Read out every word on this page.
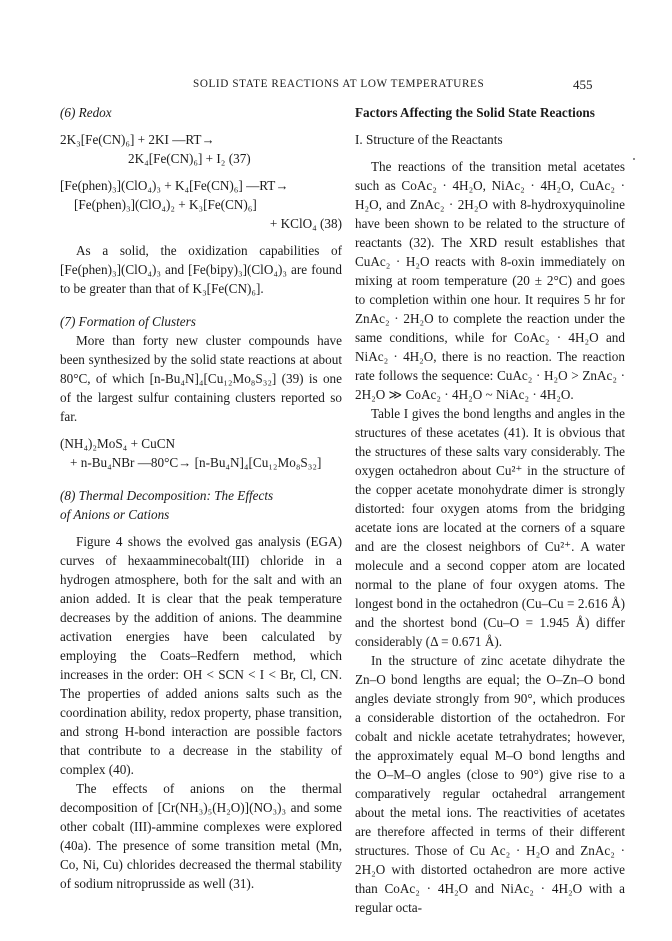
SOLID STATE REACTIONS AT LOW TEMPERATURES	455
(6) Redox
2K₃[Fe(CN)₆] + 2KI —RT→
2K₄[Fe(CN)₆] + I₂ (37)
[Fe(phen)₃](ClO₄)₃ + K₄[Fe(CN)₆] —RT→
[Fe(phen)₃](ClO₄)₂ + K₃[Fe(CN)₆]
+ KClO₄ (38)

As a solid, the oxidization capabilities of [Fe(phen)₃](ClO₄)₃ and [Fe(bipy)₃](ClO₄)₃ are found to be greater than that of K₃[Fe(CN)₆].

(7) Formation of Clusters

More than forty new cluster compounds have been synthesized by the solid state reactions at about 80°C, of which [n-Bu₄N]₄[Cu₁₂Mo₈S₃₂] (39) is one of the largest sulfur containing clusters reported so far.

(NH₄)₂MoS₄ + CuCN
+ n-Bu₄NBr —80°C→ [n-Bu₄N]₄[Cu₁₂Mo₈S₃₂]
(8) Thermal Decomposition: The Effects
of Anions or Cations

Figure 4 shows the evolved gas analysis (EGA) curves of hexaamminecobalt(III) chloride in a hydrogen atmosphere, both for the salt and with an anion added. It is clear that the peak temperature decreases by the addition of anions. The deammine activation energies have been calculated by employing the Coats–Redfern method, which increases in the order: OH < SCN < I < Br, Cl, CN. The properties of added anions salts such as the coordination ability, redox property, phase transition, and strong H-bond interaction are possible factors that contribute to a decrease in the stability of complex (40).

The effects of anions on the thermal decomposition of [Cr(NH₃)₅(H₂O)](NO₃)₃ and some other cobalt (III)-ammine complexes were explored (40a). The presence of some transition metal (Mn, Co, Ni, Cu) chlorides decreased the thermal stability of sodium nitroprusside as well (31).

Factors Affecting the Solid State Reactions
I. Structure of the Reactants

The reactions of the transition metal acetates such as CoAc₂ · 4H₂O, NiAc₂ · 4H₂O, CuAc₂ · H₂O, and ZnAc₂ · 2H₂O with 8-hydroxyquinoline have been shown to be related to the structure of reactants (32). The XRD result establishes that CuAc₂ · H₂O reacts with 8-oxin immediately on mixing at room temperature (20 ± 2°C) and goes to completion within one hour. It requires 5 hr for ZnAc₂ · 2H₂O to complete the reaction under the same conditions, while for CoAc₂ · 4H₂O and NiAc₂ · 4H₂O, there is no reaction. The reaction rate follows the sequence: CuAc₂ · H₂O > ZnAc₂ · 2H₂O ≫ CoAc₂ · 4H₂O ~ NiAc₂ · 4H₂O.

Table I gives the bond lengths and angles in the structures of these acetates (41). It is obvious that the structures of these salts vary considerably. The oxygen octahedron about Cu²⁺ in the structure of the copper acetate monohydrate dimer is strongly distorted: four oxygen atoms from the bridging acetate ions are located at the corners of a square and are the closest neighbors of Cu²⁺. A water molecule and a second copper atom are located normal to the plane of four oxygen atoms. The longest bond in the octahedron (Cu–Cu = 2.616 Å) and the shortest bond (Cu–O = 1.945 Å) differ considerably (Δ = 0.671 Å).

In the structure of zinc acetate dihydrate the Zn–O bond lengths are equal; the O–Zn–O bond angles deviate strongly from 90°, which produces a considerable distortion of the octahedron. For cobalt and nickle acetate tetrahydrates; however, the approximately equal M–O bond lengths and the O–M–O angles (close to 90°) give rise to a comparatively regular octahedral arrangement about the metal ions. The reactivities of acetates are therefore affected in terms of their different structures. Those of Cu Ac₂ · H₂O and ZnAc₂ · 2H₂O with distorted octahedron are more active than CoAc₂ · 4H₂O and NiAc₂ · 4H₂O with a regular octa-
